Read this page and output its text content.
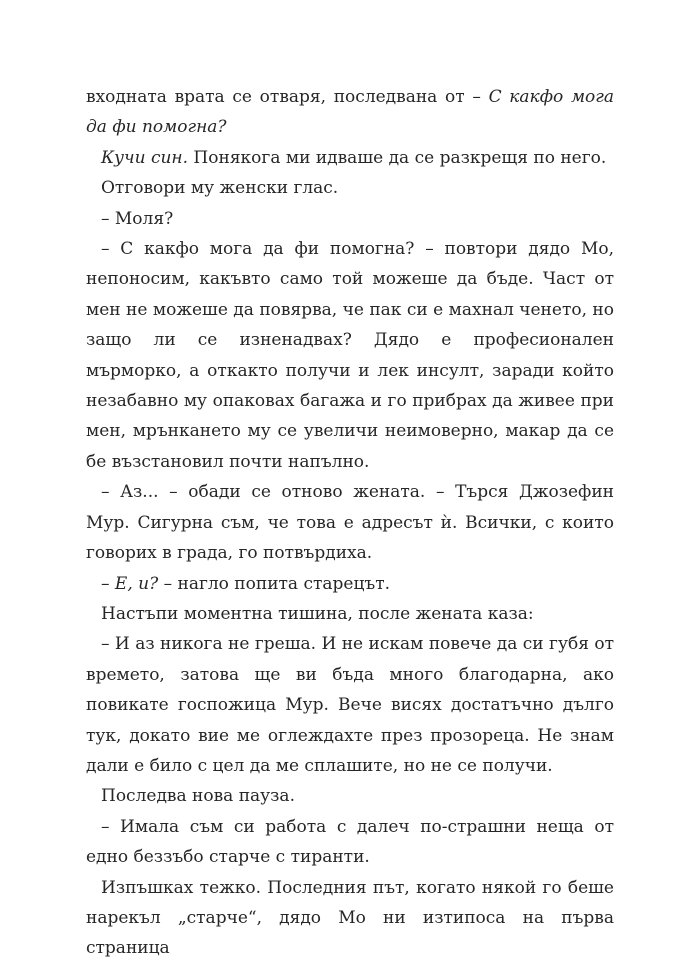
входната врата се отваря, последвана от – С какфо мога да фи помогна?

Кучи син. Понякога ми идваше да се разкрещя по него.

Отговори му женски глас.

– Моля?

– С какфо мога да фи помогна? – повтори дядо Мо, непоносим, какъвто само той можеше да бъде. Част от мен не можеше да повярва, че пак си е махнал ченето, но защо ли се изненадвах? Дядо е професионален мърморко, а откакто получи и лек инсулт, заради който незабавно му опаковах багажа и го прибрах да живее при мен, мрънкането му се увеличи неимоверно, макар да се бе възстановил почти напълно.

– Аз... – обади се отново жената. – Търся Джозефин Мур. Сигурна съм, че това е адресът ѝ. Всички, с които говорих в града, го потвърдиха.

– Е, и? – нагло попита старецът.

Настъпи моментна тишина, после жената каза:

– И аз никога не греша. И не искам повече да си губя от времето, затова ще ви бъда много благодарна, ако повикате госпожица Мур. Вече висях достатъчно дълго тук, докато вие ме оглеждахте през прозореца. Не знам дали е било с цел да ме сплашите, но не се получи.

Последва нова пауза.

– Имала съм си работа с далеч по-страшни неща от едно беззъбо старче с тиранти.

Изпъшках тежко. Последния път, когато някой го беше нарекъл „старче“, дядо Мо ни изтипоса на първа страница
